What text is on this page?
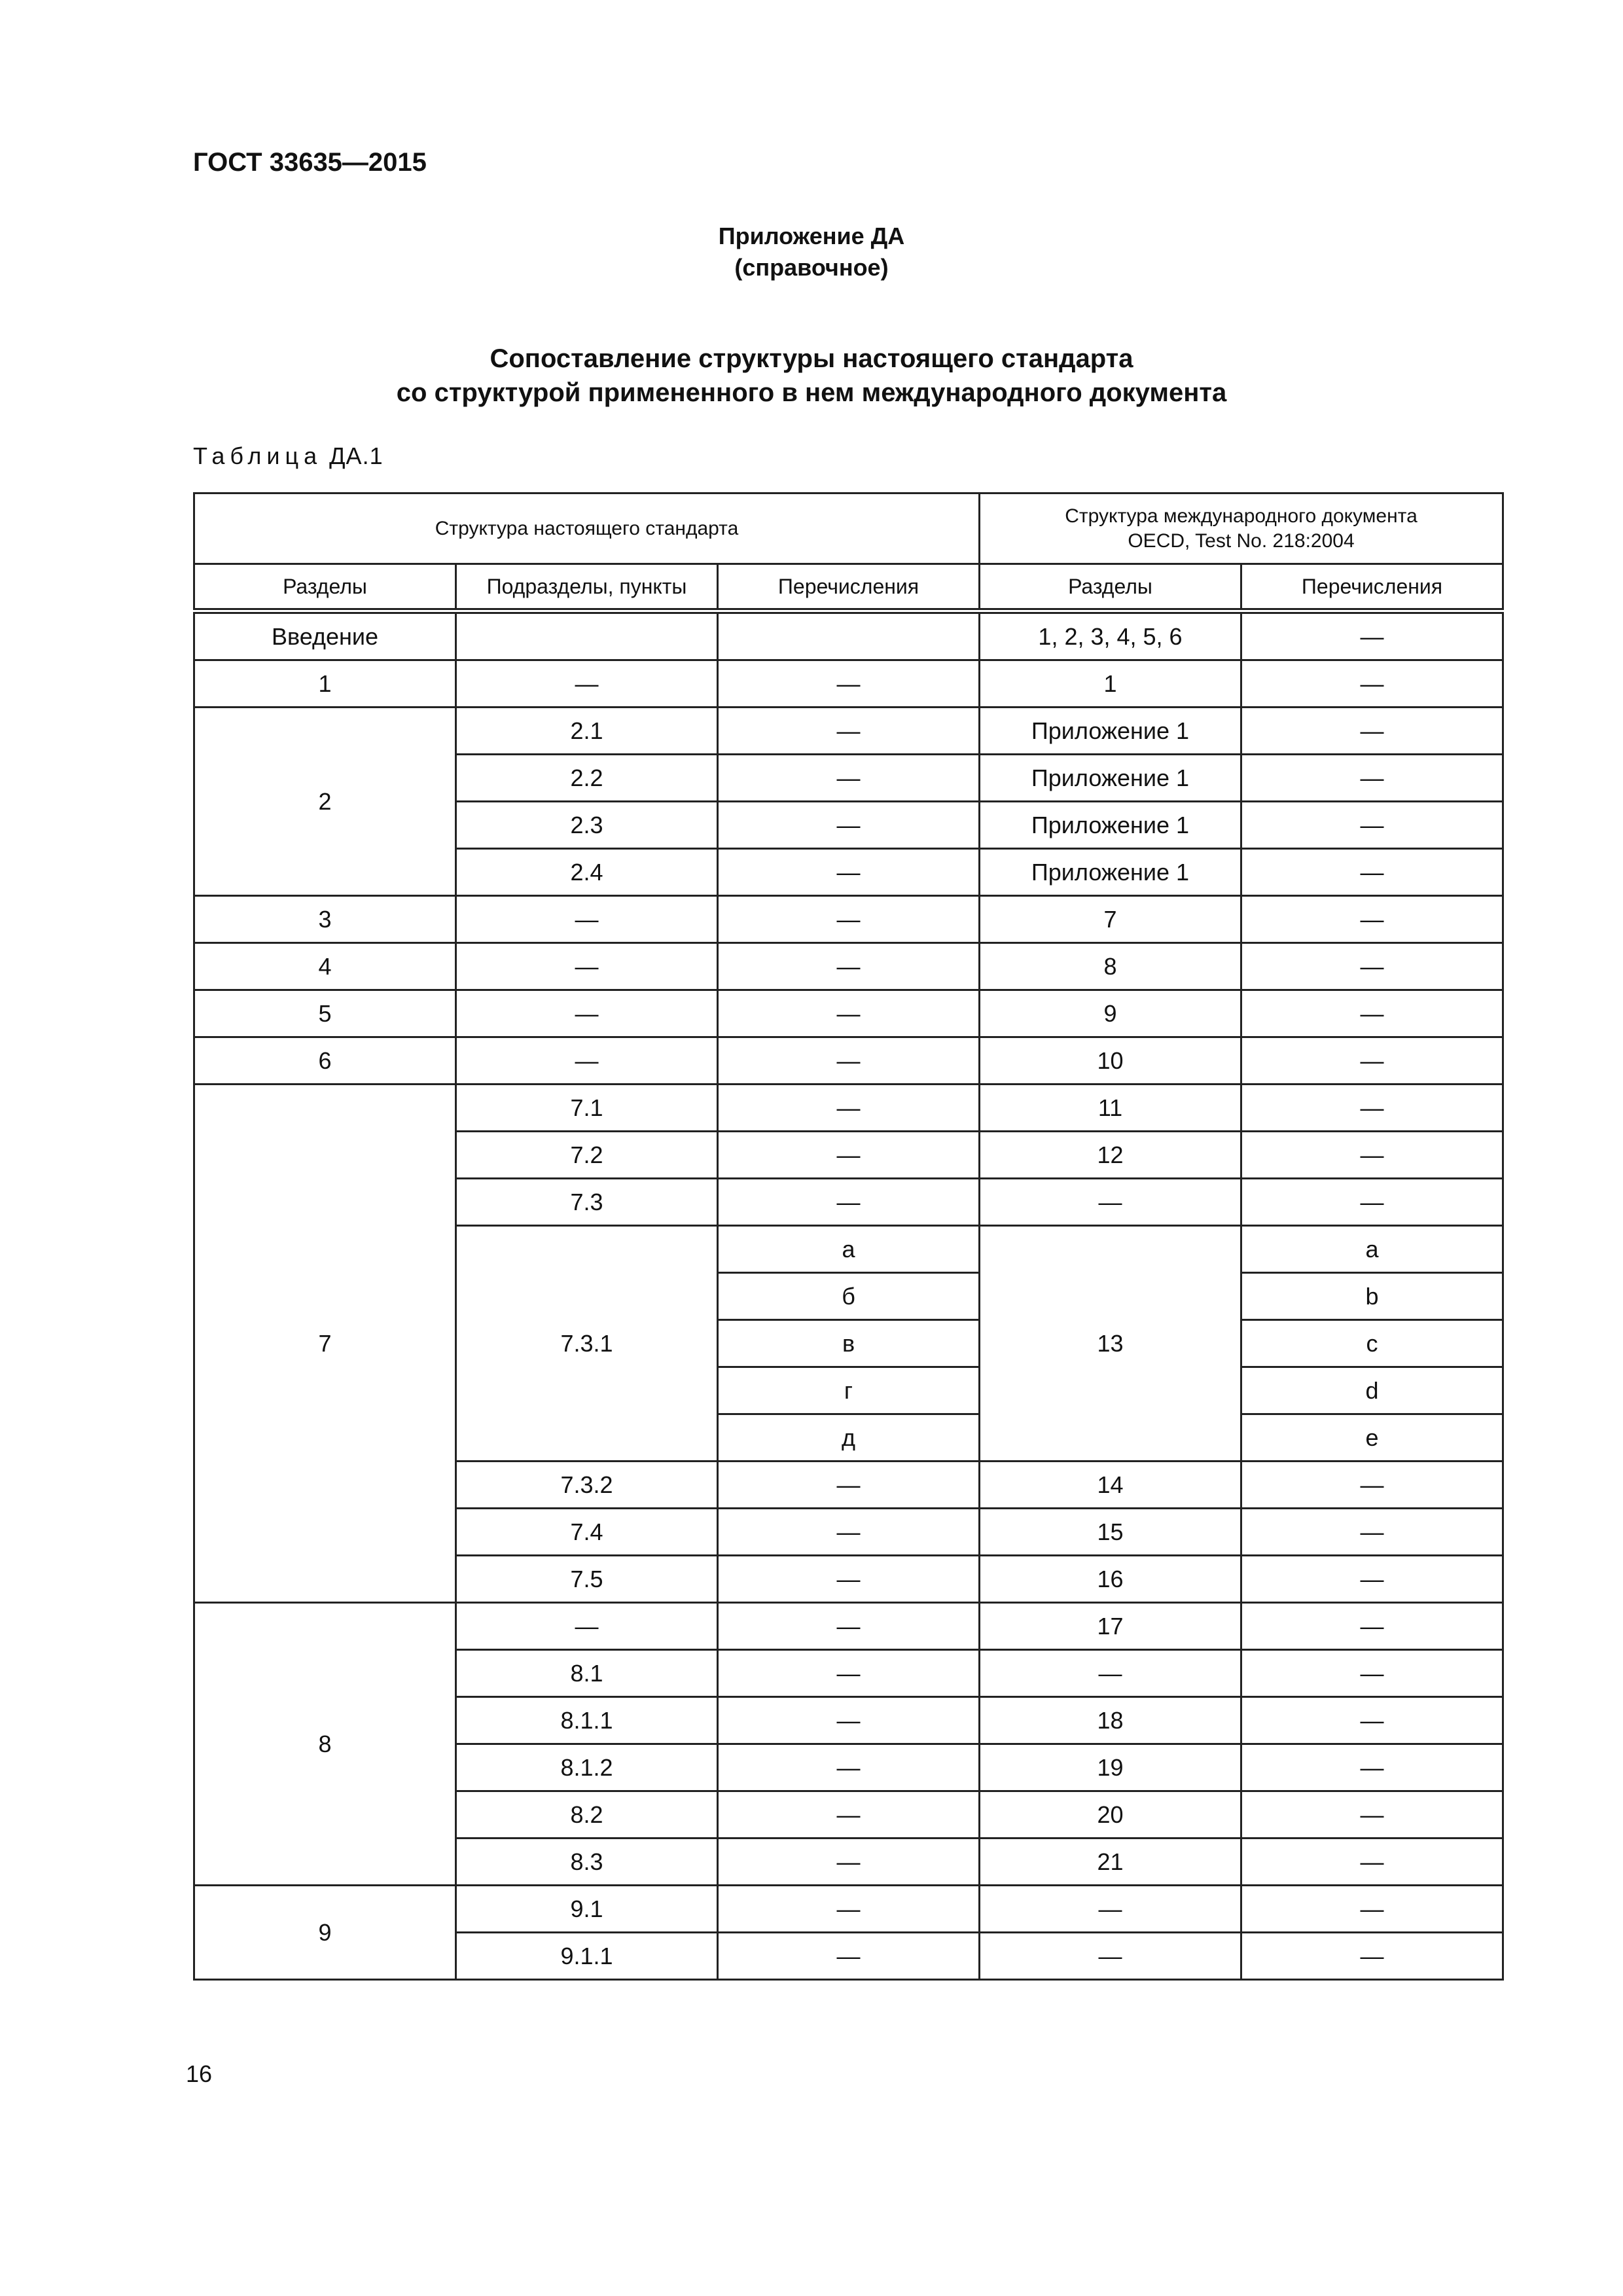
ГОСТ 33635—2015
Приложение ДА
(справочное)
Сопоставление структуры настоящего стандарта
со структурой примененного в нем международного документа
Таблица ДА.1
Структура настоящего стандарта			Структура международного документа
OECD, Test No. 218:2004	
Разделы	Подразделы, пункты	Перечисления	Разделы	Перечисления
Введение			1, 2, 3, 4, 5, 6	—
1	—	—	1	—
2	2.1	—	Приложение 1	—
	2.2	—	Приложение 1	—
	2.3	—	Приложение 1	—
	2.4	—	Приложение 1	—
3	—	—	7	—
4	—	—	8	—
5	—	—	9	—
6	—	—	10	—
7	7.1	—	11	—
	7.2	—	12	—
	7.3	—	—	—
	7.3.1	а	13	a
		б		b
		в		c
		г		d
		д		e
	7.3.2	—	14	—
	7.4	—	15	—
	7.5	—	16	—
8	—	—	17	—
	8.1	—	—	—
	8.1.1	—	18	—
	8.1.2	—	19	—
	8.2	—	20	—
	8.3	—	21	—
9	9.1	—	—	—
	9.1.1	—	—	—
16
